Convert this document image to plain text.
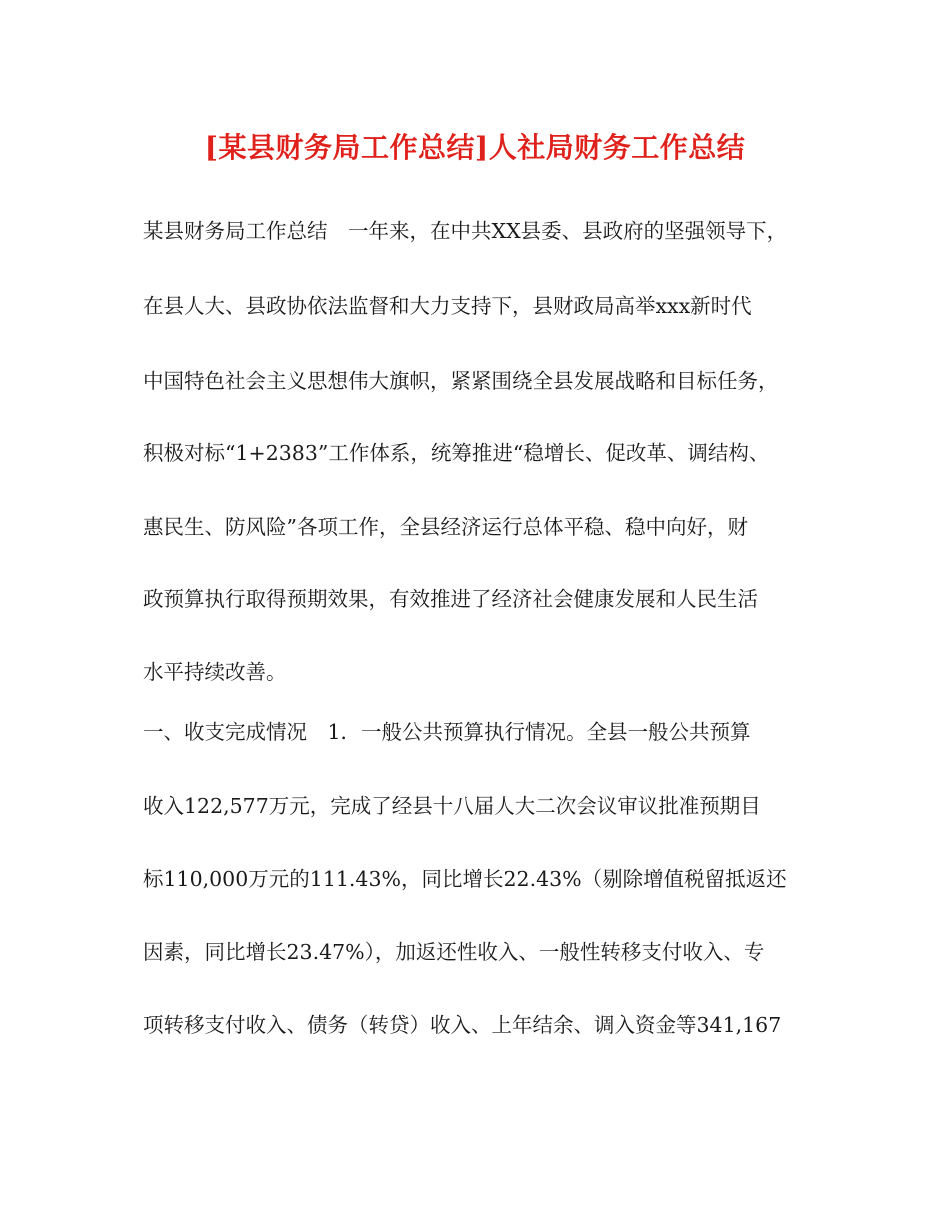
[某县财务局工作总结]人社局财务工作总结
某县财务局工作总结　一年来，在中共XX县委、县政府的坚强领导下，
在县人大、县政协依法监督和大力支持下，县财政局高举xxx新时代
中国特色社会主义思想伟大旗帜，紧紧围绕全县发展战略和目标任务，
积极对标“1+2383”工作体系，统筹推进“稳增长、促改革、调结构、
惠民生、防风险”各项工作，全县经济运行总体平稳、稳中向好，财
政预算执行取得预期效果，有效推进了经济社会健康发展和人民生活
水平持续改善。
一、收支完成情况　1．一般公共预算执行情况。全县一般公共预算
收入122,577万元，完成了经县十八届人大二次会议审议批准预期目
标110,000万元的111.43%，同比增长22.43%（剔除增值税留抵返还
因素，同比增长23.47%），加返还性收入、一般性转移支付收入、专
项转移支付收入、债务（转贷）收入、上年结余、调入资金等341,167
